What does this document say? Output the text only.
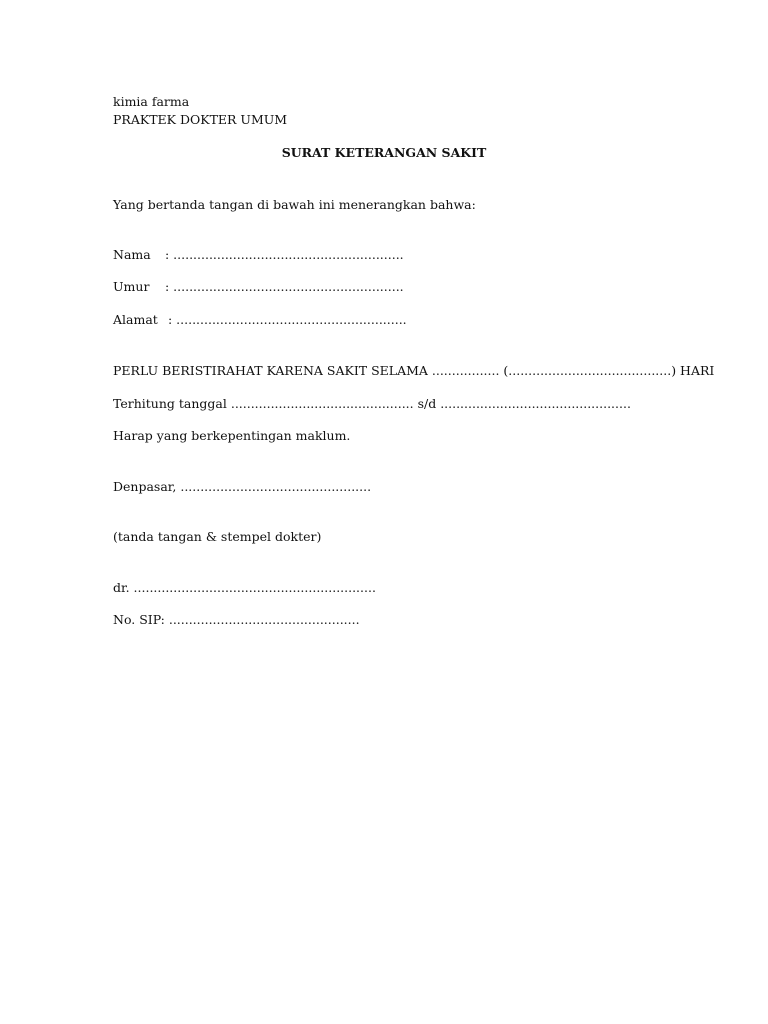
kimia farma
PRAKTEK DOKTER UMUM
SURAT KETERANGAN SAKIT
Yang bertanda tangan di bawah ini menerangkan bahwa:
Nama : ..........................................................
Umur : ..........................................................
Alamat : ..........................................................
PERLU BERISTIRAHAT KARENA SAKIT SELAMA ................. (.........................................) HARI
Terhitung tanggal .............................................. s/d ................................................
Harap yang berkepentingan maklum.
Denpasar, ................................................
(tanda tangan & stempel dokter)
dr. .............................................................
No. SIP: ................................................
